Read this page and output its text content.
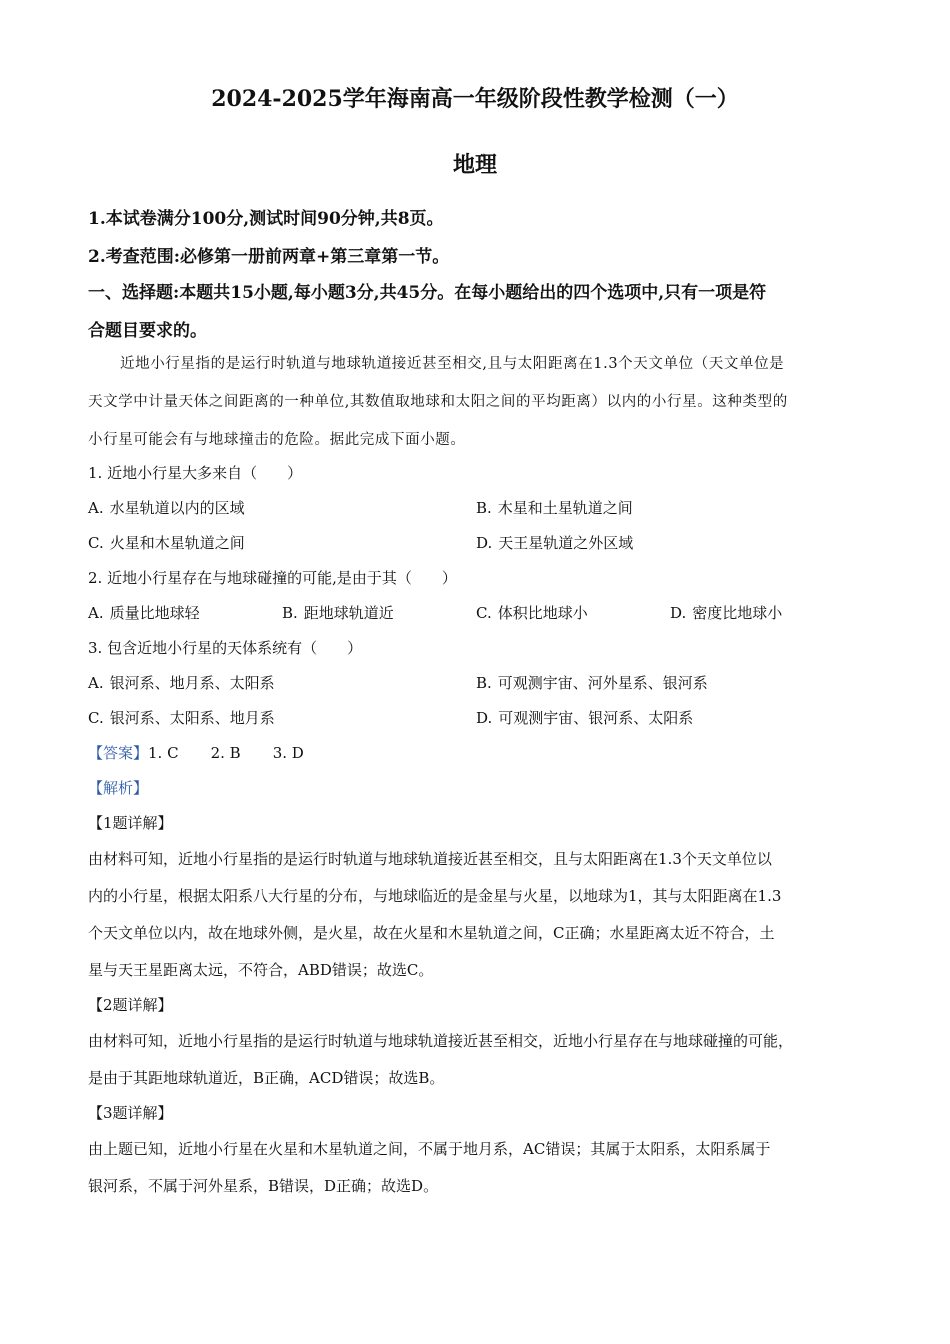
2024-2025学年海南高一年级阶段性教学检测（一）
地理
1.本试卷满分100分,测试时间90分钟,共8页。
2.考查范围:必修第一册前两章+第三章第一节。
一、选择题:本题共15小题,每小题3分,共45分。在每小题给出的四个选项中,只有一项是符
合题目要求的。
近地小行星指的是运行时轨道与地球轨道接近甚至相交,且与太阳距离在1.3个天文单位（天文单位是
天文学中计量天体之间距离的一种单位,其数值取地球和太阳之间的平均距离）以内的小行星。这种类型的
小行星可能会有与地球撞击的危险。据此完成下面小题。
1. 近地小行星大多来自（　　）
A. 水星轨道以内的区域	B. 木星和土星轨道之间
C. 火星和木星轨道之间	D. 天王星轨道之外区域
2. 近地小行星存在与地球碰撞的可能,是由于其（　　）
A. 质量比地球轻	B. 距地球轨道近	C. 体积比地球小	D. 密度比地球小
3. 包含近地小行星的天体系统有（　　）
A. 银河系、地月系、太阳系	B. 可观测宇宙、河外星系、银河系
C. 银河系、太阳系、地月系	D. 可观测宇宙、银河系、太阳系
【答案】1. C 2. B 3. D
【解析】
【1题详解】
由材料可知，近地小行星指的是运行时轨道与地球轨道接近甚至相交，且与太阳距离在1.3个天文单位以
内的小行星，根据太阳系八大行星的分布，与地球临近的是金星与火星，以地球为1，其与太阳距离在1.3
个天文单位以内，故在地球外侧，是火星，故在火星和木星轨道之间，C正确；水星距离太近不符合，土
星与天王星距离太远，不符合，ABD错误；故选C。
【2题详解】
由材料可知，近地小行星指的是运行时轨道与地球轨道接近甚至相交，近地小行星存在与地球碰撞的可能，
是由于其距地球轨道近，B正确，ACD错误；故选B。
【3题详解】
由上题已知，近地小行星在火星和木星轨道之间，不属于地月系，AC错误；其属于太阳系，太阳系属于
银河系，不属于河外星系，B错误，D正确；故选D。
